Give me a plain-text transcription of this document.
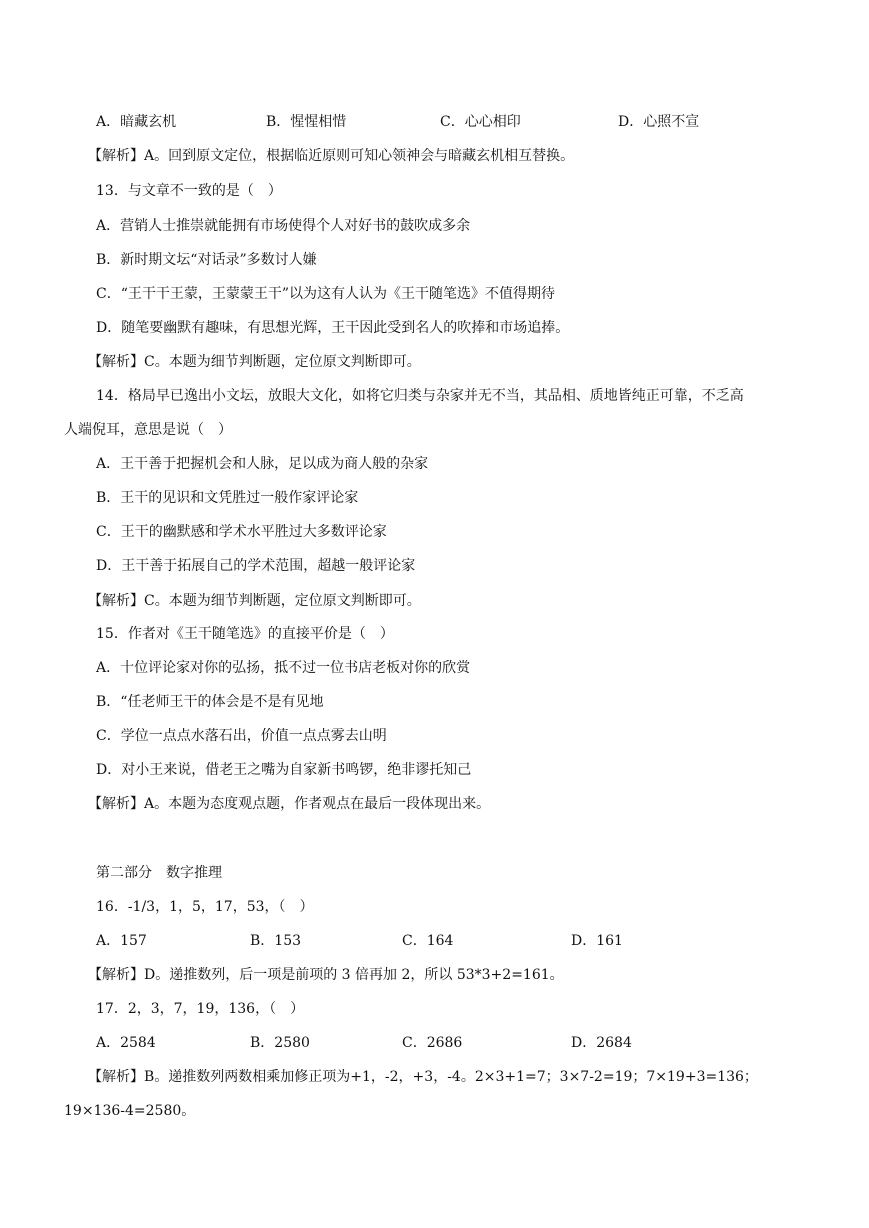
A．暗藏玄机	B．惺惺相惜	C．心心相印	D．心照不宣
【解析】A。回到原文定位，根据临近原则可知心领神会与暗藏玄机相互替换。
13．与文章不一致的是（　）
A．营销人士推崇就能拥有市场使得个人对好书的鼓吹成多余
B．新时期文坛“对话录”多数讨人嫌
C．“王干干王蒙，王蒙蒙王干”以为这有人认为《王干随笔选》不值得期待
D．随笔要幽默有趣味，有思想光辉，王干因此受到名人的吹捧和市场追捧。
【解析】C。本题为细节判断题，定位原文判断即可。
14．格局早已逸出小文坛，放眼大文化，如将它归类与杂家并无不当，其品相、质地皆纯正可靠，不乏高
人端倪耳，意思是说（　）
A．王干善于把握机会和人脉，足以成为商人般的杂家
B．王干的见识和文凭胜过一般作家评论家
C．王干的幽默感和学术水平胜过大多数评论家
D．王干善于拓展自己的学术范围，超越一般评论家
【解析】C。本题为细节判断题，定位原文判断即可。
15．作者对《王干随笔选》的直接平价是（　）
A．十位评论家对你的弘扬，抵不过一位书店老板对你的欣赏
B．“任老师王干的体会是不是有见地
C．学位一点点水落石出，价值一点点雾去山明
D．对小王来说，借老王之嘴为自家新书鸣锣，绝非谬托知己
【解析】A。本题为态度观点题，作者观点在最后一段体现出来。
第二部分　数字推理
16．-1/3，1，5，17，53，（　）
A．157	B．153	C．164	D．161
【解析】D。递推数列，后一项是前项的 3 倍再加 2，所以 53*3+2=161。
17．2，3，7，19，136，（　）
A．2584	B．2580	C．2686	D．2684
【解析】B。递推数列两数相乘加修正项为+1，-2，+3，-4。2×3+1=7；3×7-2=19；7×19+3=136；
19×136-4=2580。
